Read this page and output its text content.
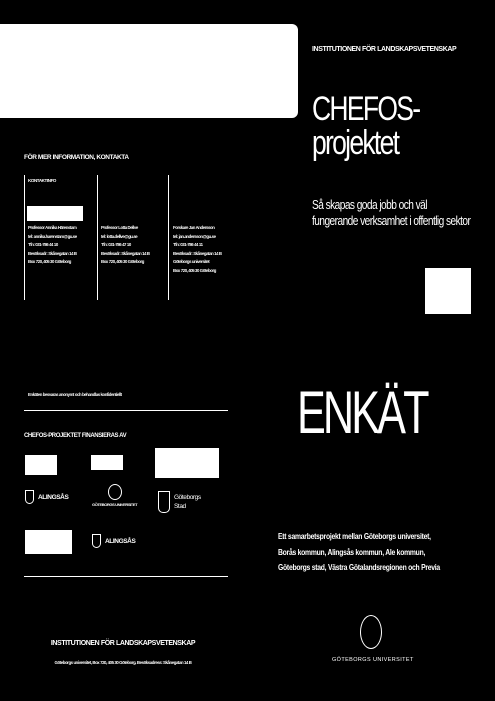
INSTITUTIONEN FÖR LANDSKAPSVETENSKAP
CHEFOS-
projektet
Så skapas goda jobb och väl
fungerande verksamhet i offentlig sektor
ENKÄT
FÖR MER INFORMATION, KONTAKTA
KONTAKTINFO
Professor Annika Härenstam
tel: annika.harenstam@gu.se
Tfn: 031-786 44 10
Besöksadr: Skånegatan 14 B
Box 720, 405 30 Göteborg
Professor Lotta Dellve
tel: lotta.dellve@gu.se
Tfn: 031-786 47 10
Besöksadr: Skånegatan 14 B
Box 720, 405 30 Göteborg
Forskare Jan Andersson
tel: jan.andersson@gu.se
Tfn: 031-786 44 11
Besöksadr: Skånegatan 14 B
Göteborgs universitet
Box 720, 405 30 Göteborg
Enkäten besvaras anonymt och behandlas konfidentiellt
CHEFOS-PROJEKTET FINANSIERAS AV
ALINGSÅS
GÖTEBORGS UNIVERSITET
Göteborgs Stad
ALINGSÅS	Ett samarbetsprojekt mellan Göteborgs universitet,
Borås kommun, Alingsås kommun, Ale kommun,
Göteborgs stad, Västra Götalandsregionen och Previa
INSTITUTIONEN FÖR LANDSKAPSVETENSKAP
Göteborgs universitet, Box 720, 405 30 Göteborg. Besöksadress: Skånegatan 14 B	GÖTEBORGS UNIVERSITET
